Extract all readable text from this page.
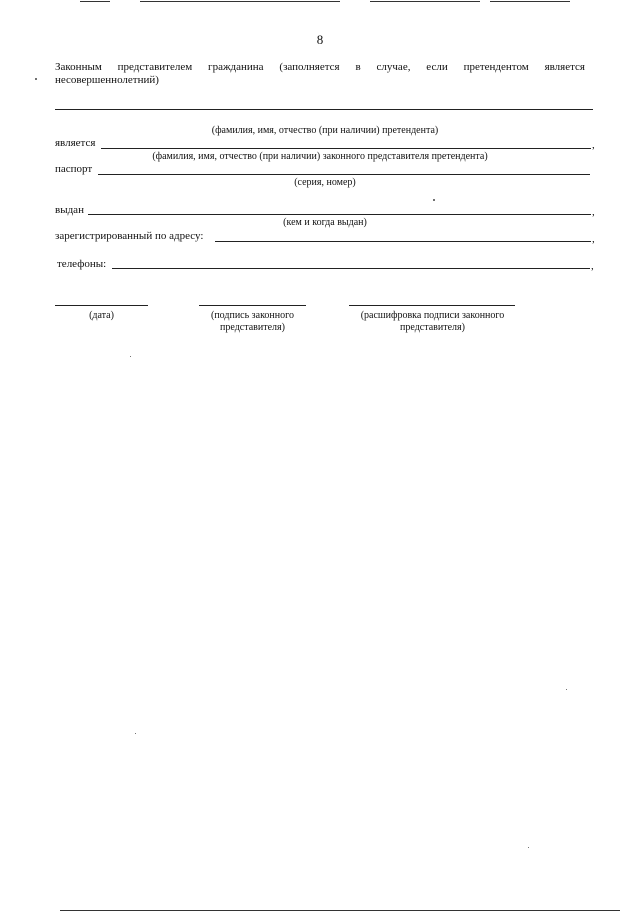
8
Законным представителем гражданина (заполняется в случае, если претендентом является
несовершеннолетний)
(фамилия, имя, отчество (при наличии) претендента)
является	,
(фамилия, имя, отчество (при наличии) законного представителя претендента)
паспорт
(серия, номер)
выдан	,
(кем и когда выдан)
зарегистрированный по адресу:	,
телефоны:	,
(дата)	(подпись законного
представителя)
(расшифровка подписи законного
представителя)
